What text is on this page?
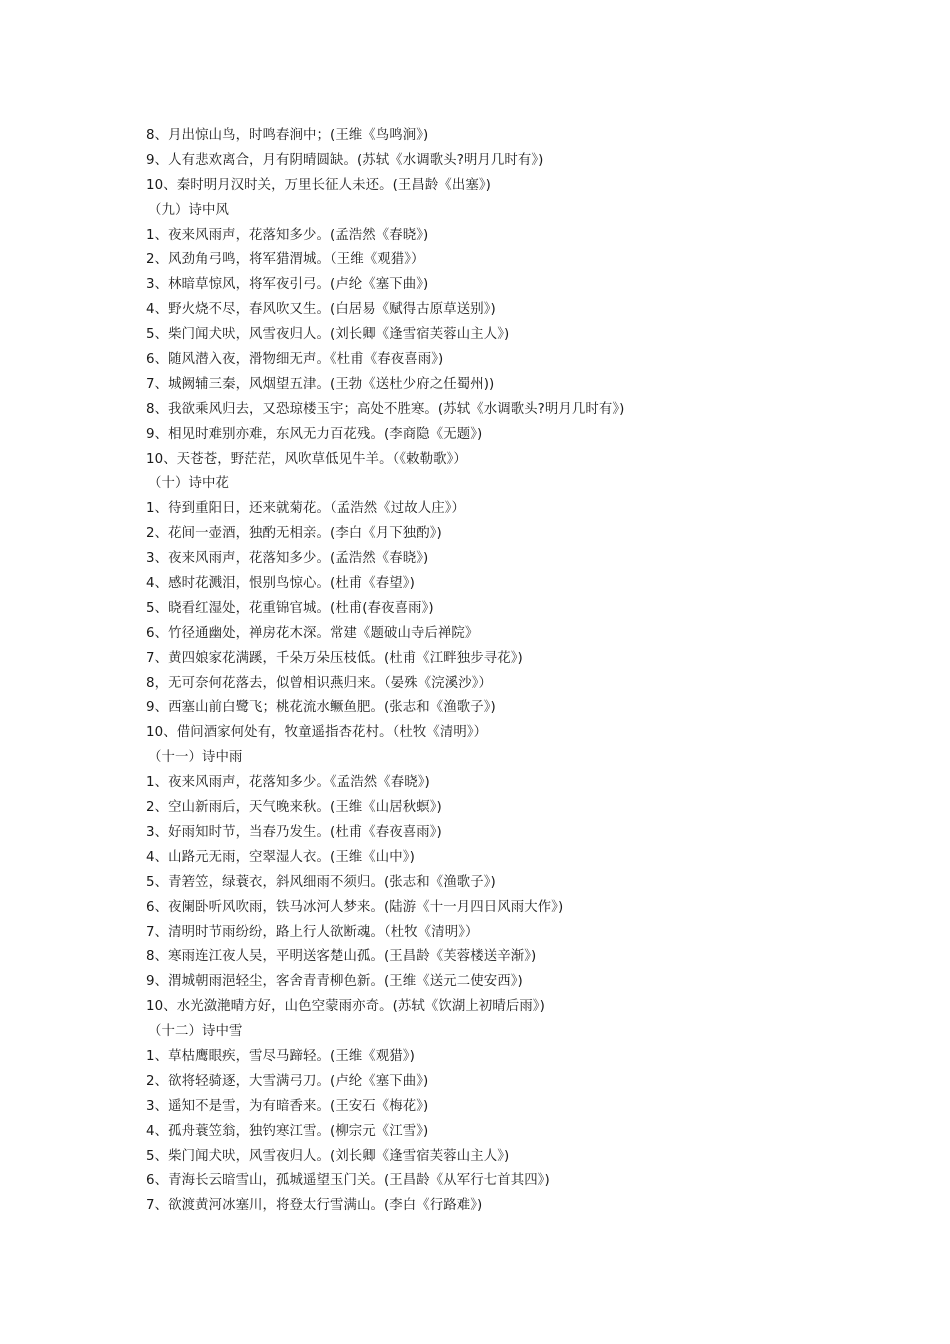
8、月出惊山鸟，时鸣春涧中；(王维《鸟鸣涧》)
9、人有悲欢离合，月有阴晴圆缺。(苏轼《水调歌头?明月几时有》)
10、秦时明月汉时关，万里长征人未还。(王昌龄《出塞》)
（九）诗中风
1、夜来风雨声，花落知多少。(孟浩然《春晓》)
2、风劲角弓鸣，将军猎渭城。（王维《观猎》）
3、林暗草惊风，将军夜引弓。(卢纶《塞下曲》)
4、野火烧不尽，春风吹又生。(白居易《赋得古原草送别》)
5、柴门闻犬吠，风雪夜归人。(刘长卿《逢雪宿芙蓉山主人》)
6、随风潜入夜，滑物细无声。《杜甫《春夜喜雨》)
7、城阙辅三秦，风烟望五津。(王勃《送杜少府之任蜀州))
8、我欲乘风归去，又恐琼楼玉宇；高处不胜寒。(苏轼《水调歌头?明月几时有》)
9、相见时难别亦难，东风无力百花残。(李商隐《无题》)
10、天苍苍，野茫茫，风吹草低见牛羊。（《敕勒歌》）
（十）诗中花
1、待到重阳日，还来就菊花。（孟浩然《过故人庄》）
2、花间一壶酒，独酌无相亲。(李白《月下独酌》)
3、夜来风雨声，花落知多少。(孟浩然《春晓》)
4、感时花溅泪，恨别鸟惊心。(杜甫《春望》)
5、晓看红湿处，花重锦官城。(杜甫(春夜喜雨》)
6、竹径通幽处，禅房花木深。常建《题破山寺后禅院》
7、黄四娘家花满蹊，千朵万朵压枝低。(杜甫《江畔独步寻花》)
8，无可奈何花落去，似曾相识燕归来。（晏殊《浣溪沙》）
9、西塞山前白鹭飞；桃花流水鳜鱼肥。(张志和《渔歌子》)
10、借问酒家何处有，牧童遥指杏花村。（杜牧《清明》）
（十一）诗中雨
1、夜来风雨声，花落知多少。《孟浩然《春晓》)
2、空山新雨后，天气晚来秋。(王维《山居秋螟》)
3、好雨知时节，当春乃发生。(杜甫《春夜喜雨》)
4、山路元无雨，空翠湿人衣。(王维《山中》)
5、青箬笠，绿蓑衣，斜风细雨不须归。(张志和《渔歌子》)
6、夜阑卧听风吹雨，铁马冰河人梦来。(陆游《十一月四日风雨大作》)
7、清明时节雨纷纷，路上行人欲断魂。（杜牧《清明》）
8、寒雨连江夜人吴，平明送客楚山孤。(王昌龄《芙蓉楼送辛渐》)
9、渭城朝雨浥轻尘，客舍青青柳色新。(王维《送元二使安西》)
10、水光潋滟晴方好，山色空蒙雨亦奇。(苏轼《饮湖上初晴后雨》)
（十二）诗中雪
1、草枯鹰眼疾，雪尽马蹄轻。(王维《观猎》)
2、欲将轻骑逐，大雪满弓刀。(卢纶《塞下曲》)
3、遥知不是雪，为有暗香来。(王安石《梅花》)
4、孤舟蓑笠翁，独钓寒江雪。(柳宗元《江雪》)
5、柴门闻犬吠，风雪夜归人。(刘长卿《逢雪宿芙蓉山主人》)
6、青海长云暗雪山，孤城遥望玉门关。(王昌龄《从军行七首其四》)
7、欲渡黄河冰塞川，将登太行雪满山。(李白《行路难》)
